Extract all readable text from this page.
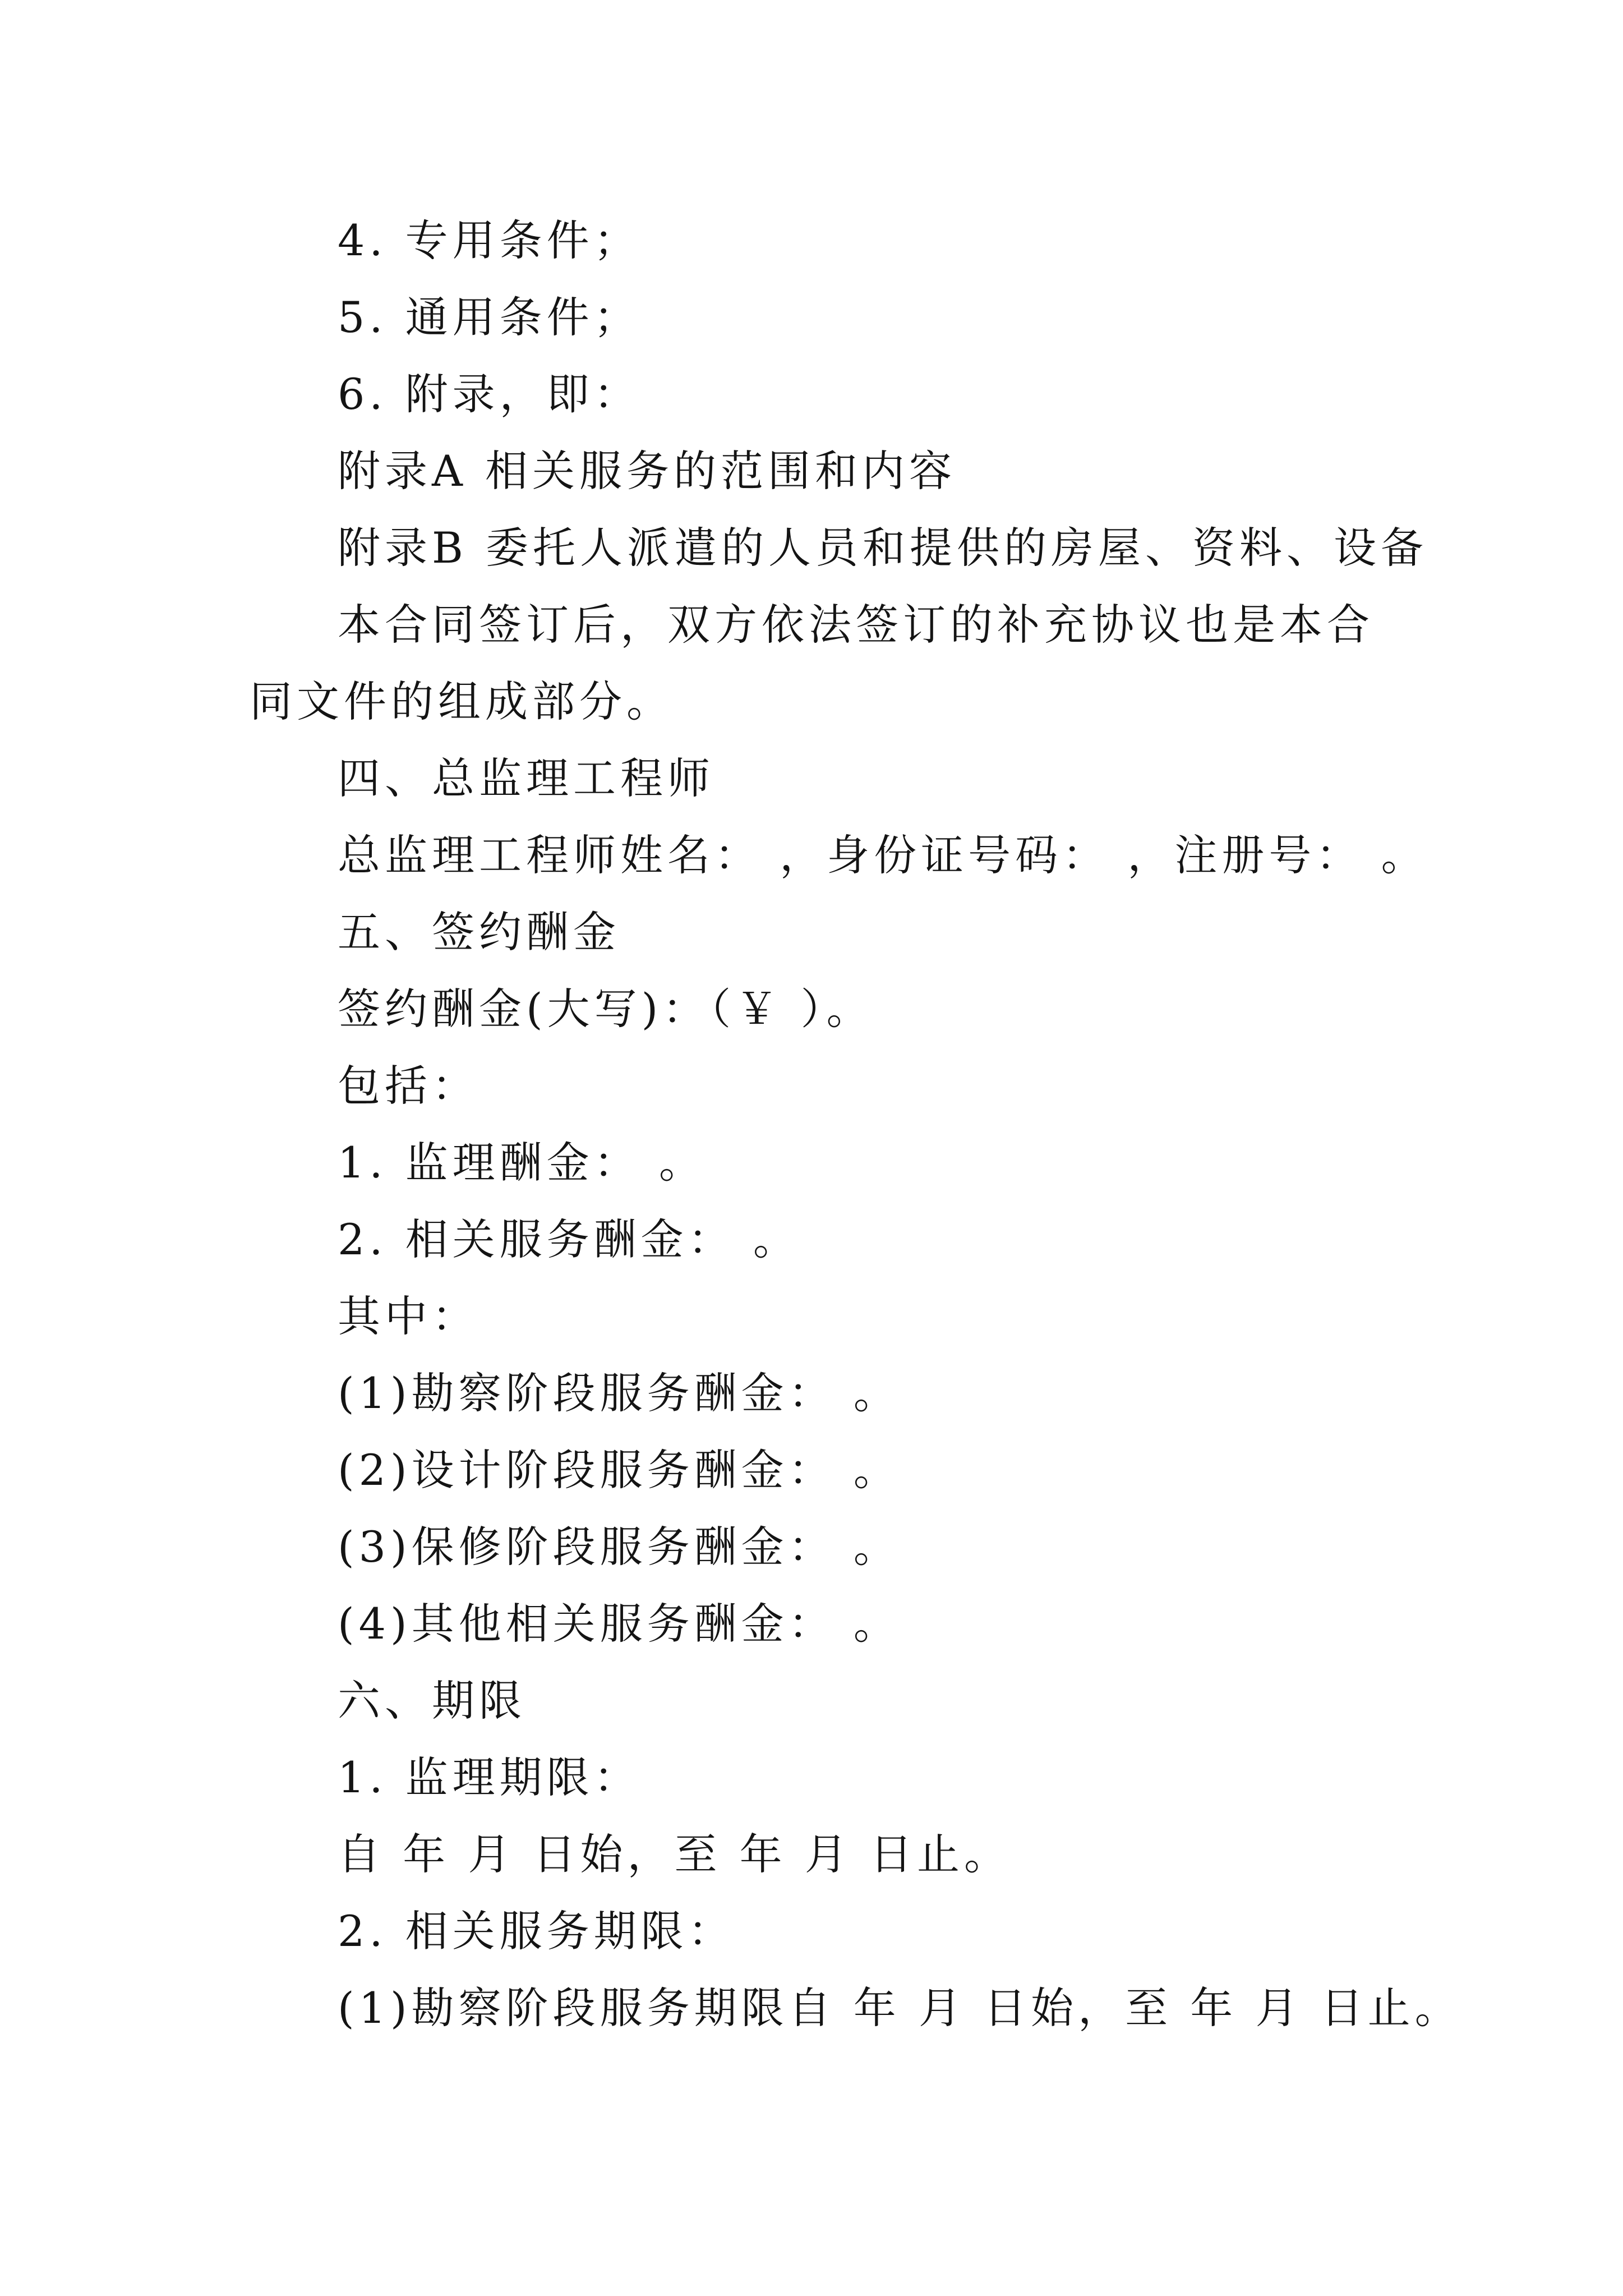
4. 专用条件；
5. 通用条件；
6. 附录，即：
附录A 相关服务的范围和内容
附录B 委托人派遣的人员和提供的房屋、资料、设备
本合同签订后，双方依法签订的补充协议也是本合同文件的组成部分。
四、总监理工程师
总监理工程师姓名： ，身份证号码： ，注册号： 。
五、签约酬金
签约酬金(大写)：（￥ ）。
包括：
1. 监理酬金： 。
2. 相关服务酬金： 。
其中：
(1)勘察阶段服务酬金： 。
(2)设计阶段服务酬金： 。
(3)保修阶段服务酬金： 。
(4)其他相关服务酬金： 。
六、期限
1. 监理期限：
自 年 月 日始，至 年 月 日止。
2. 相关服务期限：
(1)勘察阶段服务期限自 年 月 日始，至 年 月 日止。
